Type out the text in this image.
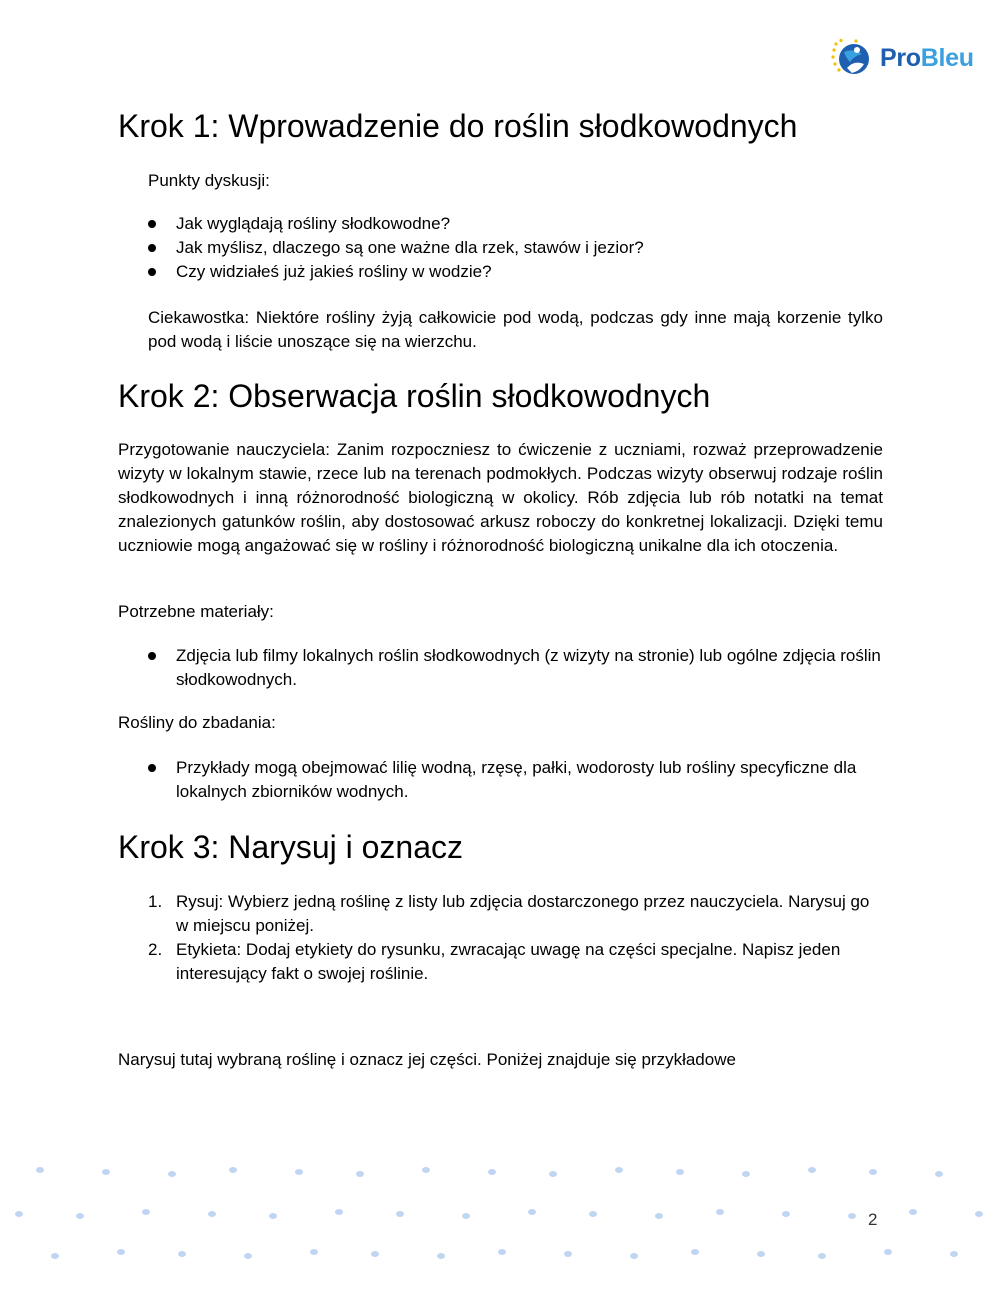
ProBleu
Krok 1: Wprowadzenie do roślin słodkowodnych

Punkty dyskusji:

Jak wyglądają rośliny słodkowodne?
Jak myślisz, dlaczego są one ważne dla rzek, stawów i jezior?
Czy widziałeś już jakieś rośliny w wodzie?

Ciekawostka: Niektóre rośliny żyją całkowicie pod wodą, podczas gdy inne mają korzenie tylko pod wodą i liście unoszące się na wierzchu.

Krok 2: Obserwacja roślin słodkowodnych

Przygotowanie nauczyciela: Zanim rozpoczniesz to ćwiczenie z uczniami, rozważ przeprowadzenie wizyty w lokalnym stawie, rzece lub na terenach podmokłych. Podczas wizyty obserwuj rodzaje roślin słodkowodnych i inną różnorodność biologiczną w okolicy. Rób zdjęcia lub rób notatki na temat znalezionych gatunków roślin, aby dostosować arkusz roboczy do konkretnej lokalizacji. Dzięki temu uczniowie mogą angażować się w rośliny i różnorodność biologiczną unikalne dla ich otoczenia.

Potrzebne materiały:

Zdjęcia lub filmy lokalnych roślin słodkowodnych (z wizyty na stronie) lub ogólne zdjęcia roślin słodkowodnych.

Rośliny do zbadania:

Przykłady mogą obejmować lilię wodną, rzęsę, pałki, wodorosty lub rośliny specyficzne dla lokalnych zbiorników wodnych.
Krok 3: Narysuj i oznacz
1. Rysuj: Wybierz jedną roślinę z listy lub zdjęcia dostarczonego przez nauczyciela. Narysuj go w miejscu poniżej.
2. Etykieta: Dodaj etykiety do rysunku, zwracając uwagę na części specjalne. Napisz jeden interesujący fakt o swojej roślinie.

Narysuj tutaj wybraną roślinę i oznacz jej części. Poniżej znajduje się przykładowe

2
